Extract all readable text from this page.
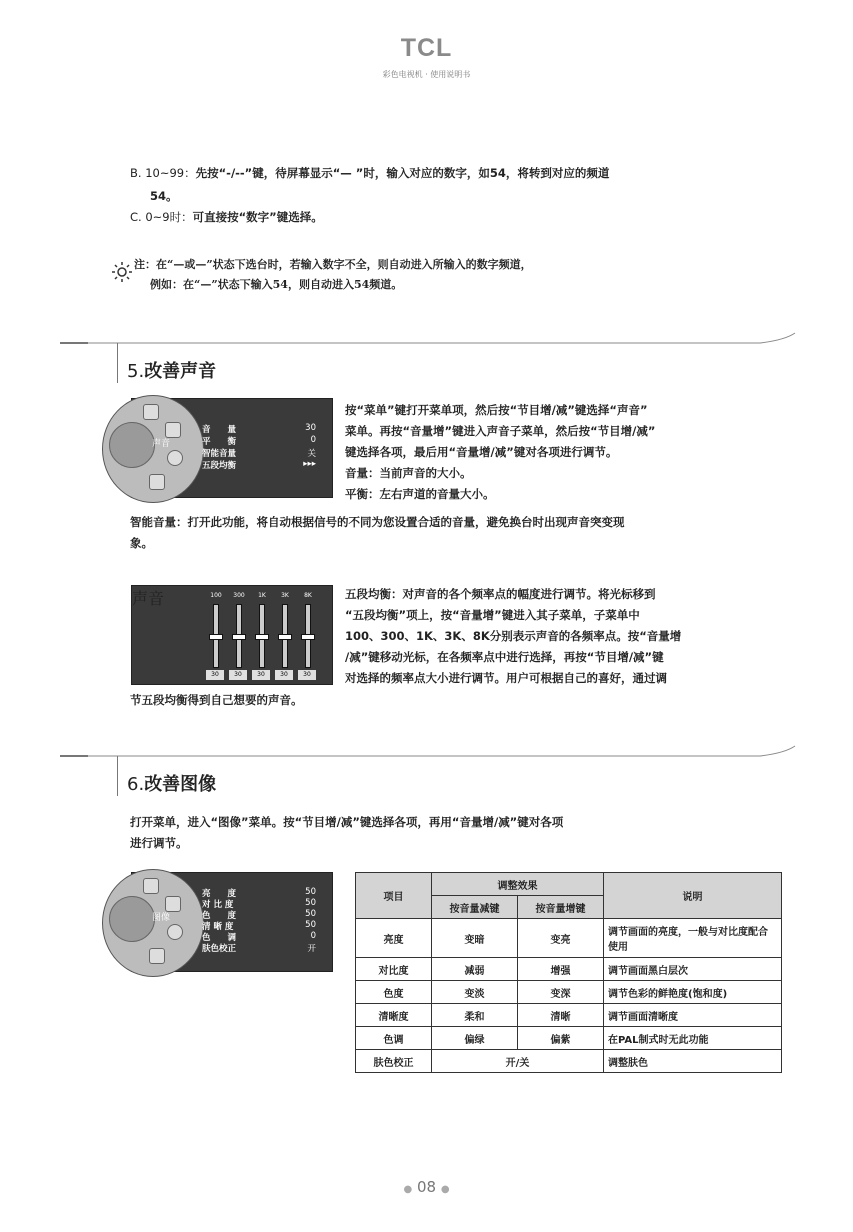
TCL
彩色电视机 · 使用说明书
B. 10~99：先按“-/--”键，待屏幕显示“— ”时，输入对应的数字，如54，将转到对应的频道
54。
C. 0~9时：可直接按“数字”键选择。
注：在“—或—”状态下选台时，若输入数字不全，则自动进入所输入的数字频道，
例如：在“—”状态下输入54，则自动进入54频道。
5.改善声音
声音
音　　量	30
平　　衡	0
智能音量	关
五段均衡	▸▸▸
按“菜单”键打开菜单项，然后按“节目增/减”键选择“声音”
菜单。再按“音量增”键进入声音子菜单，然后按“节目增/减”
键选择各项，最后用“音量增/减”键对各项进行调节。
音量：当前声音的大小。
平衡：左右声道的音量大小。
智能音量：打开此功能，将自动根据信号的不同为您设置合适的音量，避免换台时出现声音突变现
象。
声音	100	300	1K	3K	8K
30	30	30	30	30
五段均衡：对声音的各个频率点的幅度进行调节。将光标移到
“五段均衡”项上，按“音量增”键进入其子菜单，子菜单中
100、300、1K、3K、8K分别表示声音的各频率点。按“音量增
/减”键移动光标，在各频率点中进行选择，再按“节目增/减”键
对选择的频率点大小进行调节。用户可根据自己的喜好，通过调
节五段均衡得到自己想要的声音。
6.改善图像
打开菜单，进入“图像”菜单。按“节目增/减”键选择各项，再用“音量增/减”键对各项
进行调节。
图像
亮　　度	50
对 比 度	50
色　　度	50
清 晰 度	50
色　　调	0
肤色校正	开
项目	调整效果		说明
	按音量减键	按音量增键	
亮度	变暗	变亮	调节画面的亮度，一般与对比度配合使用
对比度	减弱	增强	调节画面黑白层次
色度	变淡	变深	调节色彩的鲜艳度(饱和度)
清晰度	柔和	清晰	调节画面清晰度
色调	偏绿	偏紫	在PAL制式时无此功能
肤色校正	开/关		调整肤色
● 08 ●
